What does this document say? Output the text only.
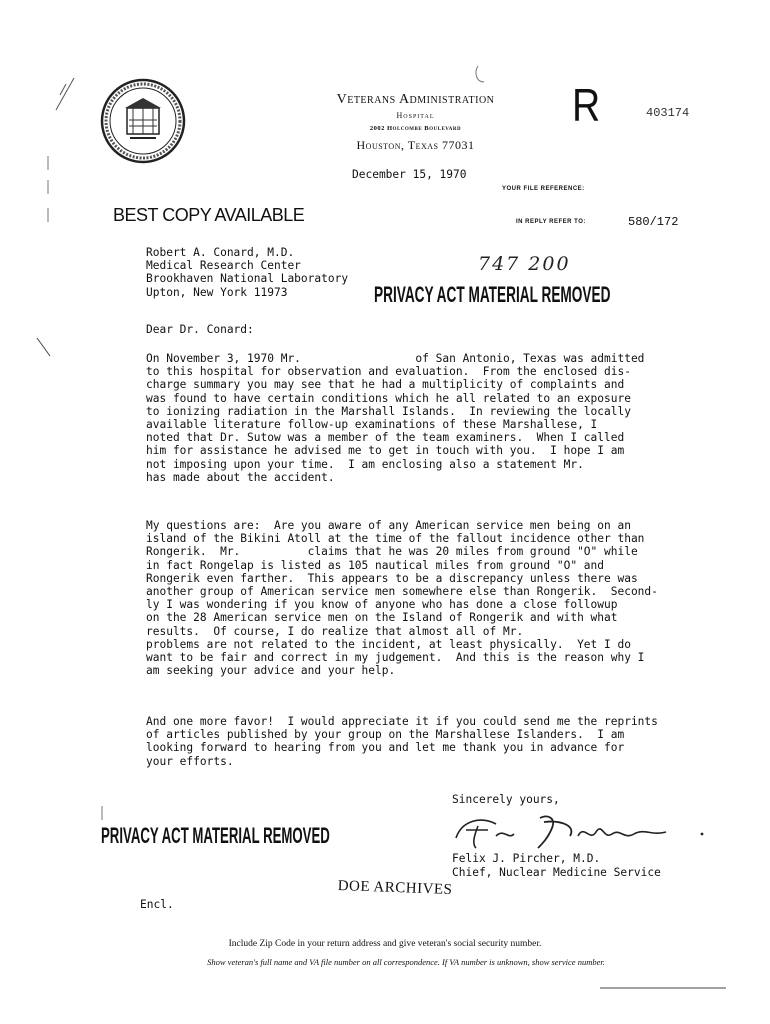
Veterans Administration
Hospital
2002 Holcombe Boulevard
Houston, Texas 77031
R	403174
December 15, 1970
YOUR FILE REFERENCE:
IN REPLY REFER TO:	580/172
BEST COPY AVAILABLE
Robert A. Conard, M.D.
Medical Research Center
Brookhaven National Laboratory
Upton, New York 11973
747 200
PRIVACY ACT MATERIAL REMOVED
Dear Dr. Conard:
On November 3, 1970 Mr.                 of San Antonio, Texas was admitted
to this hospital for observation and evaluation.  From the enclosed dis-
charge summary you may see that he had a multiplicity of complaints and
was found to have certain conditions which he all related to an exposure
to ionizing radiation in the Marshall Islands.  In reviewing the locally
available literature follow-up examinations of these Marshallese, I
noted that Dr. Sutow was a member of the team examiners.  When I called
him for assistance he advised me to get in touch with you.  I hope I am
not imposing upon your time.  I am enclosing also a statement Mr.
has made about the accident.
My questions are:  Are you aware of any American service men being on an
island of the Bikini Atoll at the time of the fallout incidence other than
Rongerik.  Mr.          claims that he was 20 miles from ground "O" while
in fact Rongelap is listed as 105 nautical miles from ground "O" and
Rongerik even farther.  This appears to be a discrepancy unless there was
another group of American service men somewhere else than Rongerik.  Second-
ly I was wondering if you know of anyone who has done a close followup
on the 28 American service men on the Island of Rongerik and with what
results.  Of course, I do realize that almost all of Mr.
problems are not related to the incident, at least physically.  Yet I do
want to be fair and correct in my judgement.  And this is the reason why I
am seeking your advice and your help.
And one more favor!  I would appreciate it if you could send me the reprints
of articles published by your group on the Marshallese Islanders.  I am
looking forward to hearing from you and let me thank you in advance for
your efforts.
Sincerely yours,
Felix J. Pircher, M.D.
Chief, Nuclear Medicine Service
PRIVACY ACT MATERIAL REMOVED
DOE ARCHIVES
Encl.
Include Zip Code in your return address and give veteran's social security number.
Show veteran's full name and VA file number on all correspondence. If VA number is unknown, show service number.
